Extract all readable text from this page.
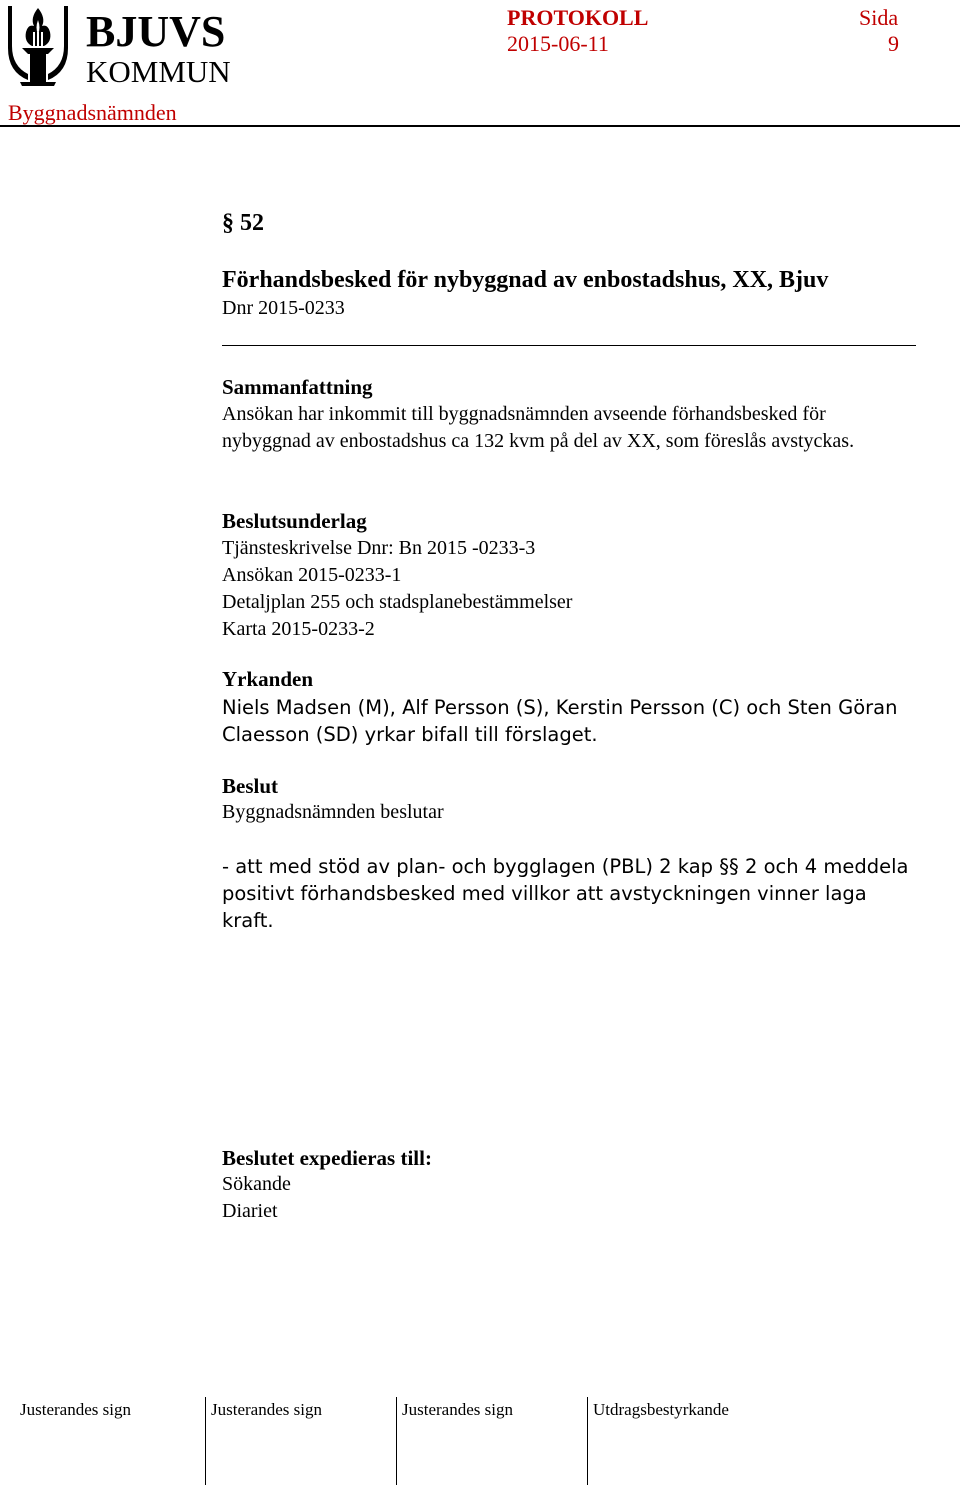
BJUVS
KOMMUN
PROTOKOLL	Sida
2015-06-11	9
Byggnadsnämnden
§ 52
Förhandsbesked för nybyggnad av enbostadshus, XX, Bjuv
Dnr 2015-0233
Sammanfattning
Ansökan har inkommit till byggnadsnämnden avseende förhandsbesked för nybyggnad av enbostadshus ca 132 kvm på del av XX, som föreslås avstyckas.
Beslutsunderlag
Tjänsteskrivelse Dnr: Bn 2015 -0233-3
Ansökan 2015-0233-1
Detaljplan 255 och stadsplanebestämmelser
Karta 2015-0233-2
Yrkanden
Niels Madsen (M), Alf Persson (S), Kerstin Persson (C) och Sten Göran Claesson (SD) yrkar bifall till förslaget.
Beslut
Byggnadsnämnden beslutar
- att med stöd av plan- och bygglagen (PBL) 2 kap §§ 2 och 4 meddela positivt förhandsbesked med villkor att avstyckningen vinner laga kraft.
Beslutet expedieras till:
Sökande
Diariet
Justerandes sign	Justerandes sign	Justerandes sign	Utdragsbestyrkande
